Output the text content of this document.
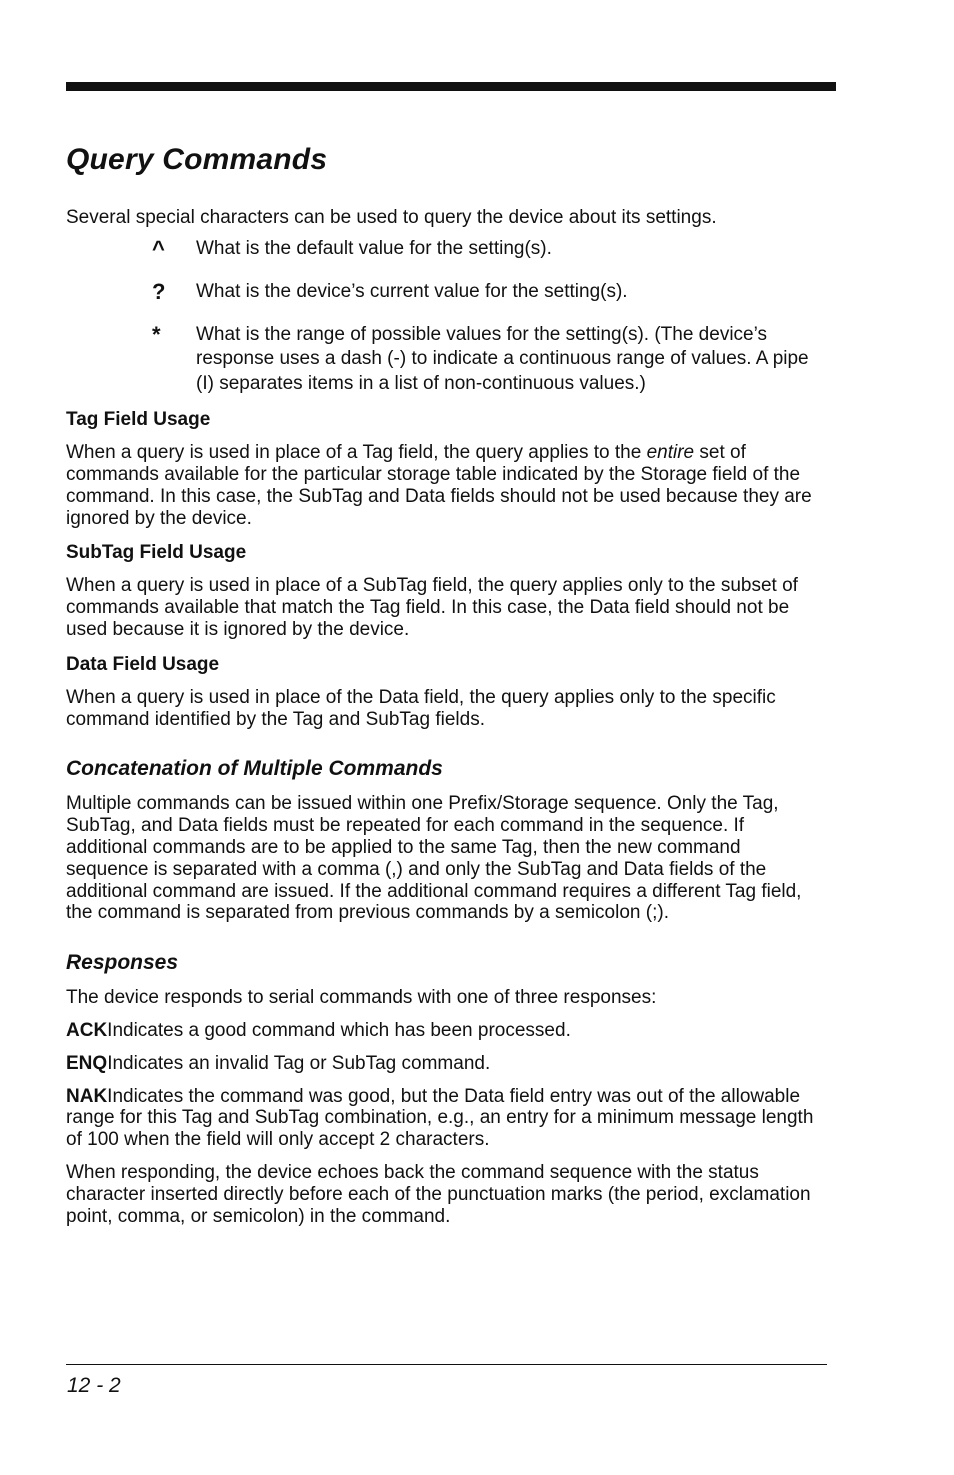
Query Commands

Several special characters can be used to query the device about its settings.

^ What is the default value for the setting(s).
? What is the device’s current value for the setting(s).
* What is the range of possible values for the setting(s). (The device’s response uses a dash (-) to indicate a continuous range of values. A pipe (I) separates items in a list of non-continuous values.)
Tag Field Usage

When a query is used in place of a Tag field, the query applies to the entire set of commands available for the particular storage table indicated by the Storage field of the command. In this case, the SubTag and Data fields should not be used because they are ignored by the device.

SubTag Field Usage

When a query is used in place of a SubTag field, the query applies only to the subset of commands available that match the Tag field. In this case, the Data field should not be used because it is ignored by the device.

Data Field Usage

When a query is used in place of the Data field, the query applies only to the specific command identified by the Tag and SubTag fields.

Concatenation of Multiple Commands

Multiple commands can be issued within one Prefix/Storage sequence. Only the Tag, SubTag, and Data fields must be repeated for each command in the sequence. If additional commands are to be applied to the same Tag, then the new command sequence is separated with a comma (,) and only the SubTag and Data fields of the additional command are issued. If the additional command requires a different Tag field, the command is separated from previous commands by a semicolon (;).

Responses

The device responds to serial commands with one of three responses:

ACKIndicates a good command which has been processed.

ENQIndicates an invalid Tag or SubTag command.

NAKIndicates the command was good, but the Data field entry was out of the allowable range for this Tag and SubTag combination, e.g., an entry for a minimum message length of 100 when the field will only accept 2 characters.

When responding, the device echoes back the command sequence with the status character inserted directly before each of the punctuation marks (the period, exclamation point, comma, or semicolon) in the command.

12 - 2
